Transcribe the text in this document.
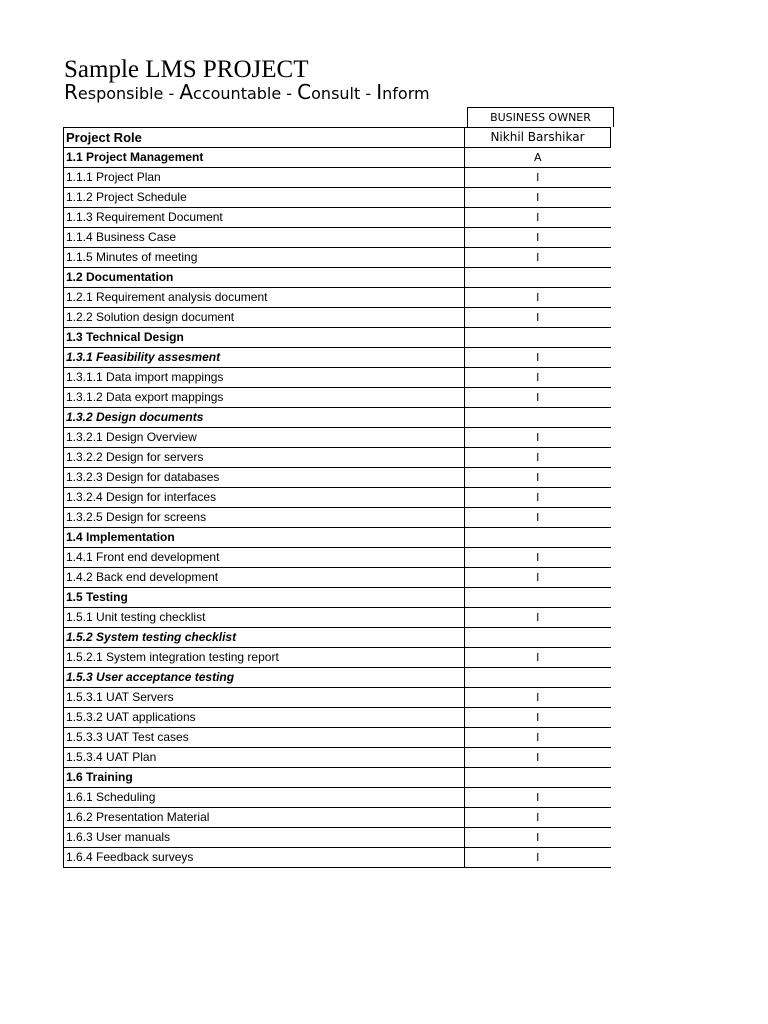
Sample LMS PROJECT
Responsible - Accountable - Consult - Inform
BUSINESS OWNER
Project Role	Nikhil Barshikar
1.1 Project Management	A
1.1.1 Project Plan	I
1.1.2 Project Schedule	I
1.1.3 Requirement Document	I
1.1.4 Business Case	I
1.1.5 Minutes of meeting	I
1.2 Documentation	
1.2.1 Requirement analysis document	I
1.2.2 Solution design document	I
1.3 Technical Design	
1.3.1 Feasibility assesment	I
1.3.1.1 Data import mappings	I
1.3.1.2 Data export mappings	I
1.3.2 Design documents	
1.3.2.1 Design Overview	I
1.3.2.2 Design for servers	I
1.3.2.3 Design for databases	I
1.3.2.4 Design for interfaces	I
1.3.2.5 Design for screens	I
1.4 Implementation	
1.4.1 Front end development	I
1.4.2 Back end development	I
1.5 Testing	
1.5.1 Unit testing checklist	I
1.5.2 System testing checklist	
1.5.2.1 System integration testing report	I
1.5.3 User acceptance testing	
1.5.3.1 UAT Servers	I
1.5.3.2 UAT applications	I
1.5.3.3 UAT Test cases	I
1.5.3.4 UAT Plan	I
1.6 Training	
1.6.1 Scheduling	I
1.6.2 Presentation Material	I
1.6.3 User manuals	I
1.6.4 Feedback surveys	I
